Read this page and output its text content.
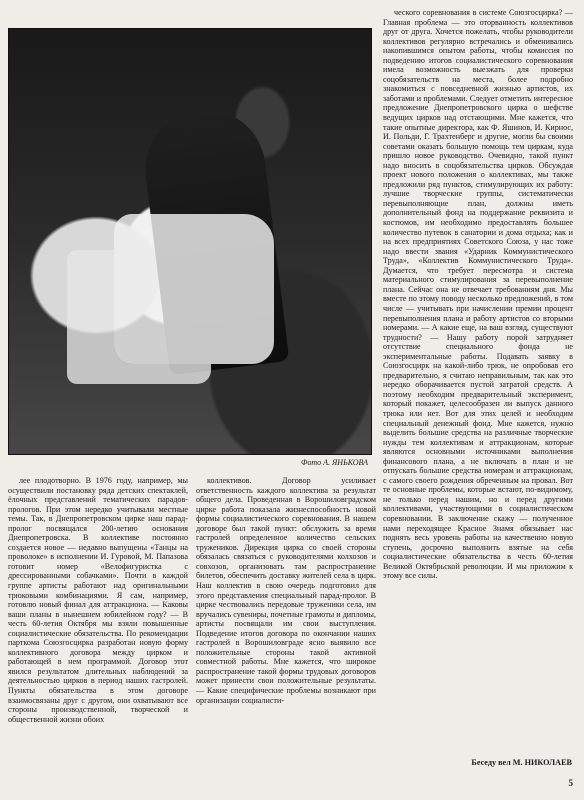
Фото А. ЯНЬКОВА

лее плодотворно. В 1976 году, например, мы осуществили постановку ряда детских спектаклей, ёлочных представлений тематических парадов-прологов. При этом нередко учитывали местные темы. Так, в Днепропетровском цирке наш парад-пролог посвящался 200-летию основания Днепропетровска. В коллективе постоянно создается новое — недавно выпущены «Танцы на проволоке» в исполнении И. Гуровой, М. Папазова готовит номер «Велофигуристка с дрессированными собачками». Почти в каждой группе артисты работают над оригинальными трюковыми комбинациями. Я сам, например, готовлю новый финал для аттракциона. — Каковы ваши планы в нынешнем юбилейном году? — В честь 60-летия Октября мы взяли повышенные социалистические обязательства. По рекомендации парткома Союзгосцирка разработан новую форму коллективного договора между цирком и работающей в нем программой. Договор этот явился результатом длительных наблюдений за деятельностью цирков в период наших гастролей. Пункты обязательства в этом договоре взаимосвязаны друг с другом, они охватывают все стороны производственной, творческой и общественной жизни обоих

коллективов. Договор усиливает ответственность каждого коллектива за результат общего дела. Проведенная в Ворошиловградском цирке работа показала жизнеспособность новой формы социалистического соревнования. В нашем договоре был такой пункт: обслужить за время гастролей определенное количество сельских тружеников. Дирекция цирка со своей стороны обязалась связаться с руководителями колхозов и совхозов, организовать там распространение билетов, обеспечить доставку жителей села в цирк. Наш коллектив в свою очередь подготовил для этого представления специальный парад-пролог. В цирке чествовались передовые труженики села, им вручались сувениры, почетные грамоты и дипломы, артисты посвящали им свои выступления. Подведение итогов договора по окончании наших гастролей в Ворошиловграде ясно выявило все положительные стороны такой активной совместной работы. Мне кажется, что широкое распространение такой формы трудовых договоров может принести свои положительные результаты. — Какие специфические проблемы возникают при организации социалисти-

ческого соревнования в системе Союзгосцирка? — Главная проблема — это оторванность коллективов друг от друга. Хочется пожелать, чтобы руководители коллективов регулярно встречались и обменивались накопившимся опытом работы, чтобы комиссия по подведению итогов социалистического соревнования имела возможность выезжать для проверки соцобязательств на места, более подробно знакомиться с повседневной жизнью артистов, их заботами и проблемами. Следует отметить интересное предложение Днепропетровского цирка о шефстве ведущих цирков над отстающими. Мне кажется, что такие опытные директора, как Ф. Яшинов, И. Кирнос, И. Польди, Г. Трахтенберг и другие, могли бы своими советами оказать большую помощь тем циркам, куда пришло новое руководство. Очевидно, такой пункт надо вносить в соцобязательства цирков. Обсуждая проект нового положения о коллективах, мы также предложили ряд пунктов, стимулирующих их работу: лучшие творческие группы, систематически перевыполняющие план, должны иметь дополнительный фонд на поддержание реквизита и костюмов, им необходимо предоставлять большее количество путевок в санатории и дома отдыха; как и на всех предприятиях Советского Союза, у нас тоже надо ввести звания «Ударник Коммунистического Труда», «Коллектив Коммунистического Труда». Думается, что требует пересмотра и система материального стимулирования за перевыполнение плана. Сейчас она не отвечает требованиям дня. Мы вместе по этому поводу несколько предложений, в том числе — учитывать при начислении премии процент перевыполнения плана и работу артистов со вторыми номерами. — А какие еще, на ваш взгляд, существуют трудности? — Нашу работу порой затрудняет отсутствие специального фонда не экспериментальные работы. Подавать заявку в Союзгосцирк на какой-либо трюк, не опробовав его предварительно, я считаю неправильным, так как это нередко оборачивается пустой затратой средств. А поэтому необходим предварительный эксперимент, который покажет, целесообразен ли выпуск данного трюка или нет. Вот для этих целей и необходим специальный денежный фонд. Мне кажется, нужно выделить большие средства на различные творческие нужды тем коллективам и аттракционам, которые являются основными источниками выполнения финансового плана, а не включать в план и не отпускать большие средства номерам и аттракционам, с самого своего рождения обреченным на провал. Вот те основные проблемы, которые встают, по-видимому, не только перед нашим, но и перед другими коллективами, участвующими в социалистическом соревновании. В заключение скажу — полученное нами переходящее Красное Знамя обязывает нас поднять весь уровень работы на качественно новую ступень, досрочно выполнить взятые на себя социалистические обязательства в честь 60-летия Великой Октябрьской революции. И мы приложим к этому все силы.

Беседу вел М. НИКОЛАЕВ
5
